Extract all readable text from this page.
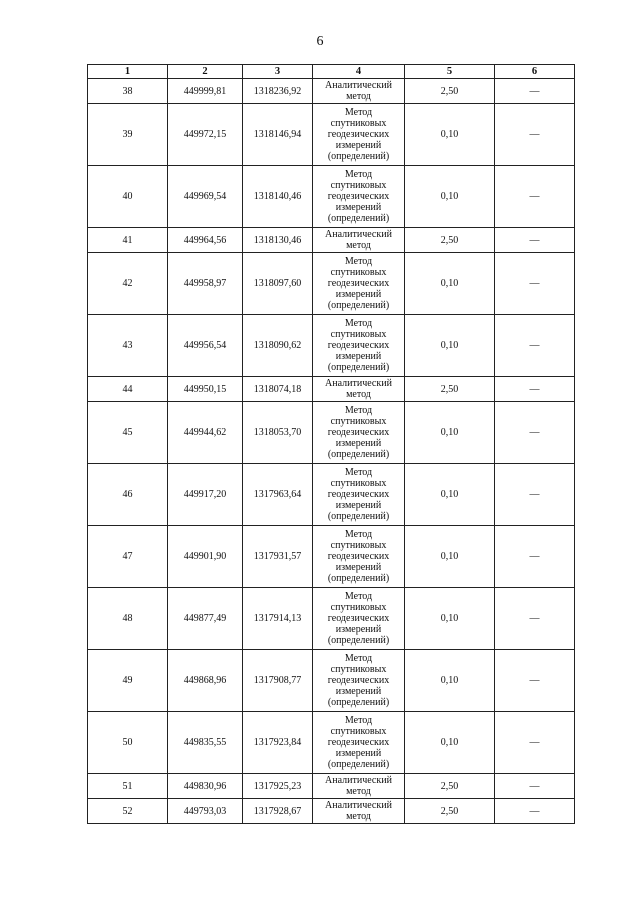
6
1	2	3	4	5	6
38	449999,81	1318236,92	Аналитический
метод	2,50	—
39	449972,15	1318146,94	Метод
спутниковых
геодезических
измерений
(определений)	0,10	—
40	449969,54	1318140,46	Метод
спутниковых
геодезических
измерений
(определений)	0,10	—
41	449964,56	1318130,46	Аналитический
метод	2,50	—
42	449958,97	1318097,60	Метод
спутниковых
геодезических
измерений
(определений)	0,10	—
43	449956,54	1318090,62	Метод
спутниковых
геодезических
измерений
(определений)	0,10	—
44	449950,15	1318074,18	Аналитический
метод	2,50	—
45	449944,62	1318053,70	Метод
спутниковых
геодезических
измерений
(определений)	0,10	—
46	449917,20	1317963,64	Метод
спутниковых
геодезических
измерений
(определений)	0,10	—
47	449901,90	1317931,57	Метод
спутниковых
геодезических
измерений
(определений)	0,10	—
48	449877,49	1317914,13	Метод
спутниковых
геодезических
измерений
(определений)	0,10	—
49	449868,96	1317908,77	Метод
спутниковых
геодезических
измерений
(определений)	0,10	—
50	449835,55	1317923,84	Метод
спутниковых
геодезических
измерений
(определений)	0,10	—
51	449830,96	1317925,23	Аналитический
метод	2,50	—
52	449793,03	1317928,67	Аналитический
метод	2,50	—
